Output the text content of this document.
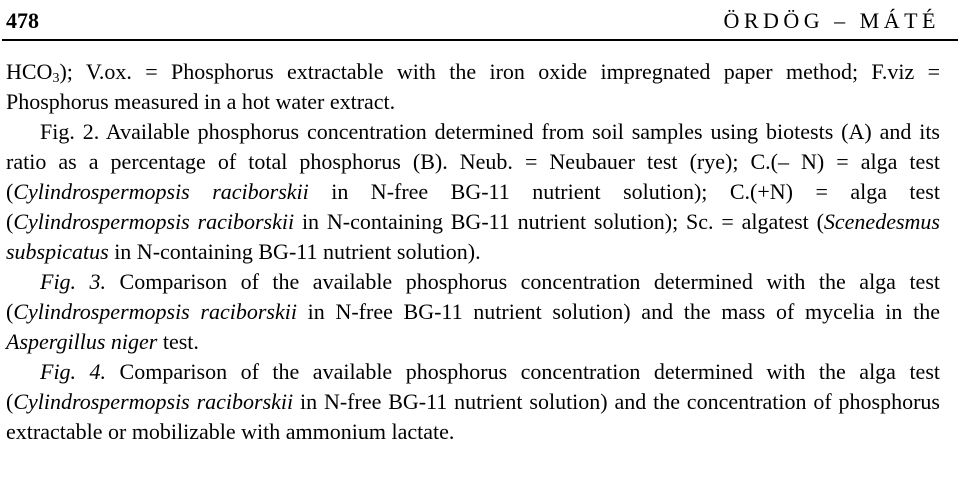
478	ÖRDÖG – MÁTÉ

$HCO_3$); V.ox. = Phosphorus extractable with the iron oxide impregnated paper method; F.viz = Phosphorus measured in a hot water extract.

Fig. 2. Available phosphorus concentration determined from soil samples using biotests (A) and its ratio as a percentage of total phosphorus (B). Neub. = Neubauer test (rye); C.(– N) = alga test (Cylindrospermopsis raciborskii in N-free BG-11 nutrient solution); C.(+N) = alga test (Cylindrospermopsis raciborskii in N-containing BG-11 nutrient solution); Sc. = algatest (Scenedesmus subspicatus in N-containing BG-11 nutrient solution).

Fig. 3. Comparison of the available phosphorus concentration determined with the alga test (Cylindrospermopsis raciborskii in N-free BG-11 nutrient solution) and the mass of mycelia in the Aspergillus niger test.

Fig. 4. Comparison of the available phosphorus concentration determined with the alga test (Cylindrospermopsis raciborskii in N-free BG-11 nutrient solution) and the concentration of phosphorus extractable or mobilizable with ammonium lactate.
